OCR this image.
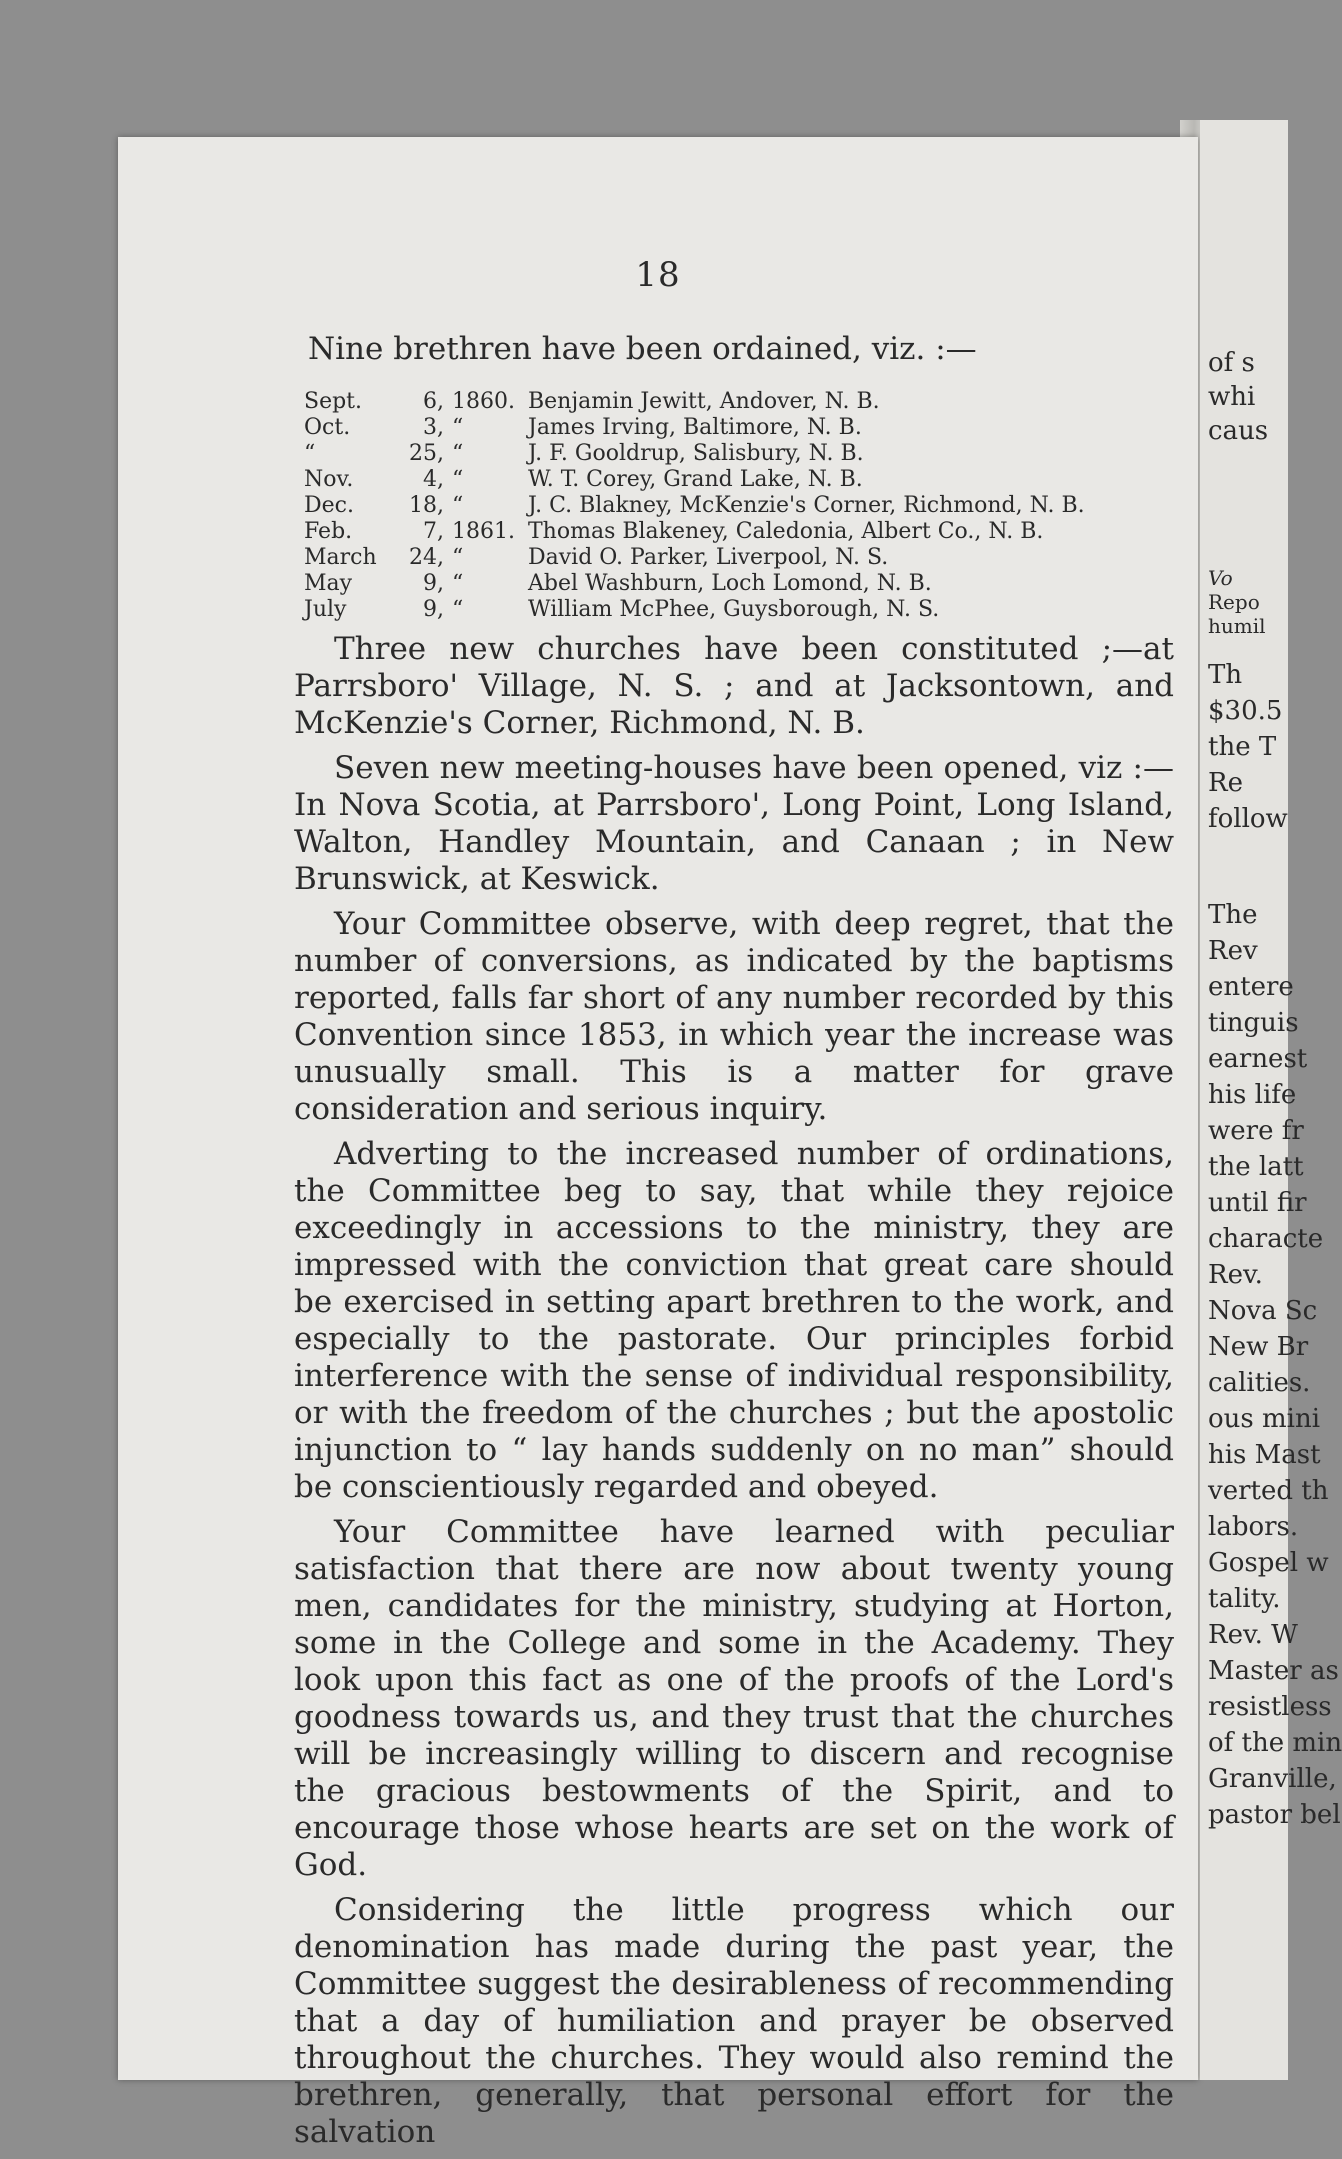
18
Nine brethren have been ordained, viz. :—
Sept.	6, 1860. Benjamin Jewitt, Andover, N. B.
Oct.	3, “	James Irving, Baltimore, N. B.
“	25, “	J. F. Gooldrup, Salisbury, N. B.
Nov.	4, “	W. T. Corey, Grand Lake, N. B.
Dec.	18, “	J. C. Blakney, McKenzie's Corner, Richmond, N. B.
Feb.	7, 1861. Thomas Blakeney, Caledonia, Albert Co., N. B.
March	24, “	David O. Parker, Liverpool, N. S.
May	9, “	Abel Washburn, Loch Lomond, N. B.
July	9, “	William McPhee, Guysborough, N. S.

Three new churches have been constituted ;—at Parrsboro' Village, N. S. ; and at Jacksontown, and McKenzie's Corner, Richmond, N. B.

Seven new meeting-houses have been opened, viz :—In Nova Scotia, at Parrsboro', Long Point, Long Island, Walton, Handley Mountain, and Canaan ; in New Brunswick, at Keswick.

Your Committee observe, with deep regret, that the number of conversions, as indicated by the baptisms reported, falls far short of any number recorded by this Convention since 1853, in which year the increase was unusually small. This is a matter for grave consideration and serious inquiry.

Adverting to the increased number of ordinations, the Committee beg to say, that while they rejoice exceedingly in accessions to the ministry, they are impressed with the conviction that great care should be exercised in setting apart brethren to the work, and especially to the pastorate. Our principles forbid interference with the sense of individual responsibility, or with the freedom of the churches ; but the apostolic injunction to “ lay hands suddenly on no man” should be conscientiously regarded and obeyed.

Your Committee have learned with peculiar satisfaction that there are now about twenty young men, candidates for the ministry, studying at Horton, some in the College and some in the Academy. They look upon this fact as one of the proofs of the Lord's goodness towards us, and they trust that the churches will be increasingly willing to discern and recognise the gracious bestowments of the Spirit, and to encourage those whose hearts are set on the work of God.

Considering the little progress which our denomination has made during the past year, the Committee suggest the desirableness of recommending that a day of humiliation and prayer be observed throughout the churches. They would also remind the brethren, generally, that personal effort for the salvation

of s
whi
caus
Vo
Repo
humil
Th
$30.5
the T
Re
follow
The
Rev
entere
tinguis
earnest
his life
were fr
the latt
until fir
characte
Rev.
Nova Sc
New Br
calities.
ous mini
his Mast
verted th
labors.
Gospel w
tality.
Rev. W
Master as
resistless
of the min
Granville,
pastor bel
